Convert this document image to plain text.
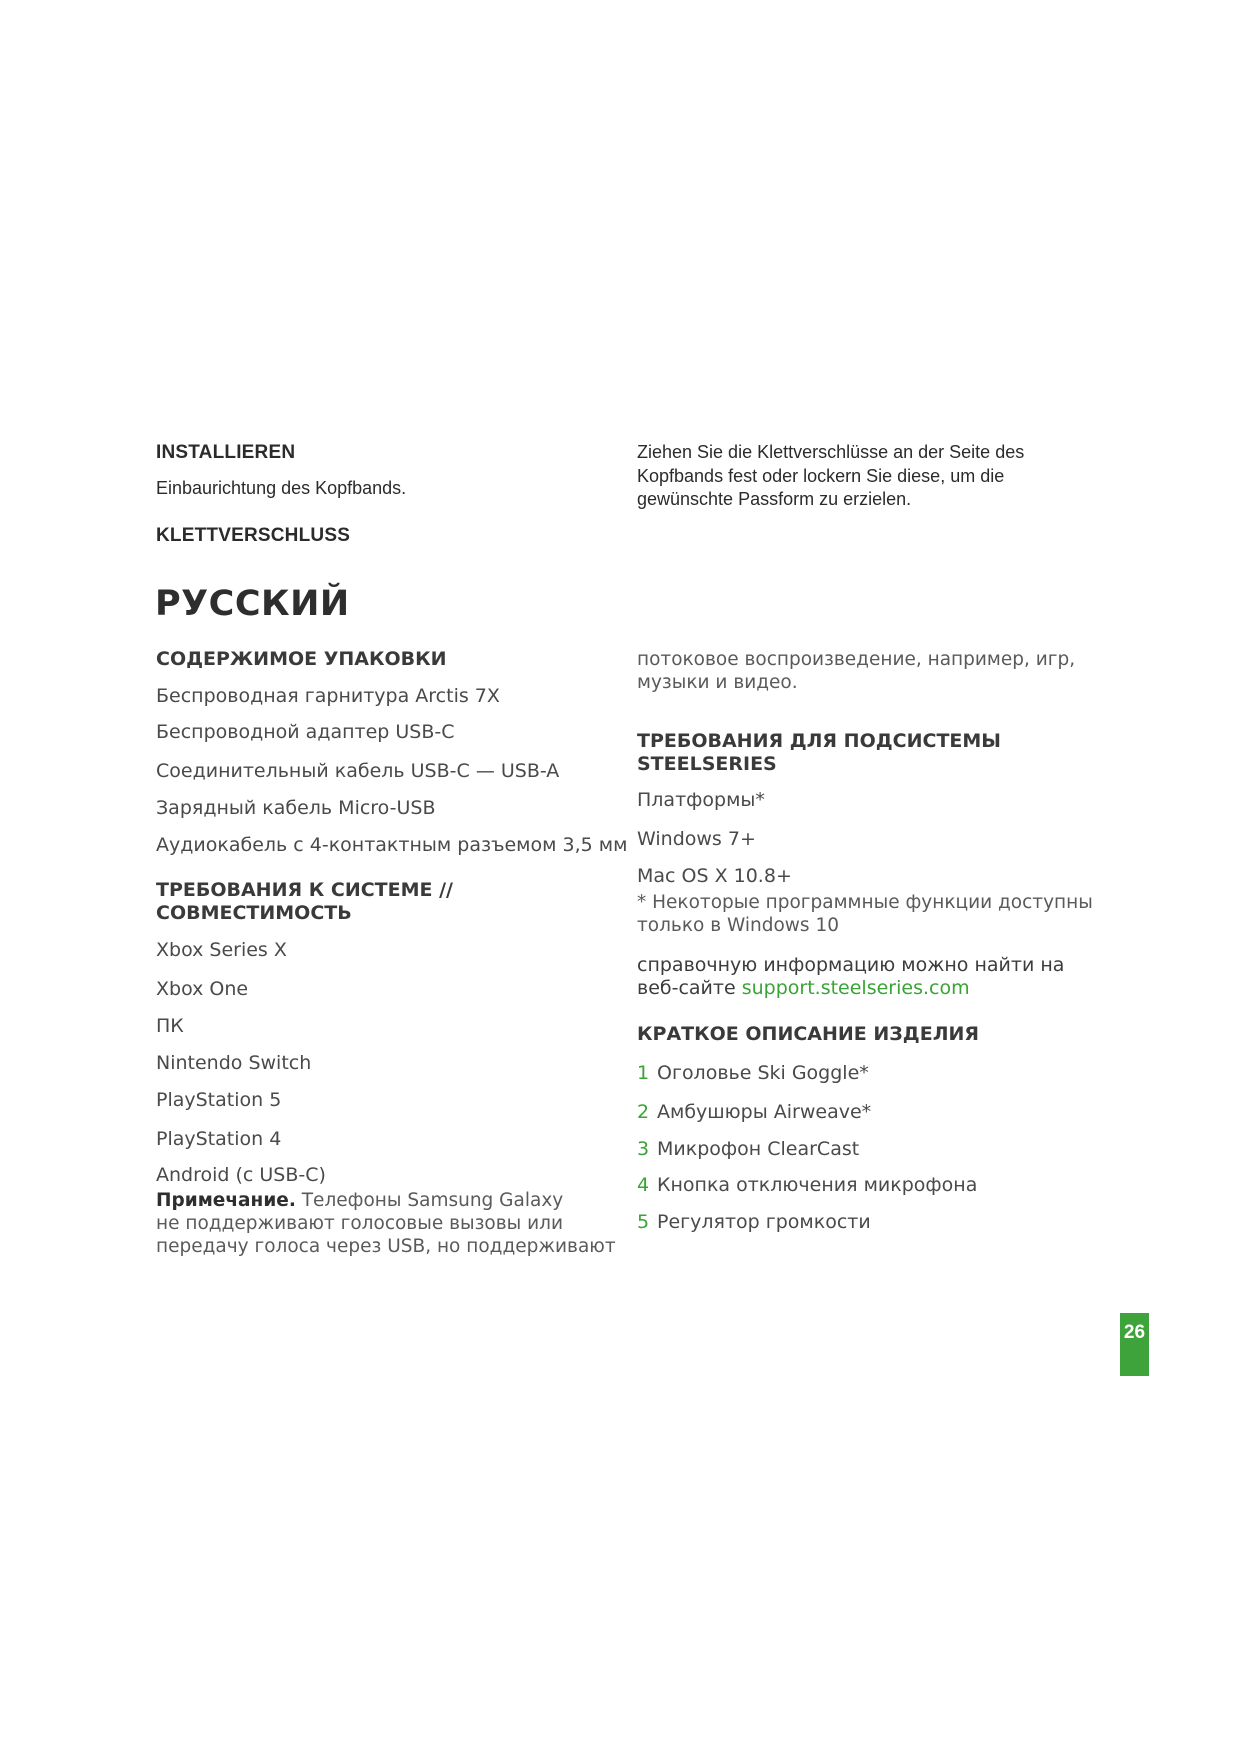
INSTALLIEREN
Einbaurichtung des Kopfbands.
KLETTVERSCHLUSS
Ziehen Sie die Klettverschlüsse an der Seite des
Kopfbands fest oder lockern Sie diese, um die
gewünschte Passform zu erzielen.
РУССКИЙ
СОДЕРЖИМОЕ УПАКОВКИ
Беспроводная гарнитура Arctis 7X
Беспроводной адаптер USB-C
Соединительный кабель USB-C — USB-A
Зарядный кабель Micro-USB
Аудиокабель с 4-контактным разъемом 3,5 мм
ТРЕБОВАНИЯ К СИСТЕМЕ //
СОВМЕСТИМОСТЬ
Xbox Series X
Xbox One
ПК
Nintendo Switch
PlayStation 5
PlayStation 4
Android (с USB-C)
Примечание. Телефоны Samsung Galaxy
не поддерживают голосовые вызовы или
передачу голоса через USB, но поддерживают
потоковое воспроизведение, например, игр,
музыки и видео.
ТРЕБОВАНИЯ ДЛЯ ПОДСИСТЕМЫ
STEELSERIES
Платформы*
Windows 7+
Mac OS X 10.8+
* Некоторые программные функции доступны
только в Windows 10
справочную информацию можно найти на
веб-сайте support.steelseries.com
КРАТКОЕ ОПИСАНИЕ ИЗДЕЛИЯ
1 Оголовье Ski Goggle*
2 Амбушюры Airweave*
3 Микрофон ClearCast
4 Кнопка отключения микрофона
5 Регулятор громкости
26
